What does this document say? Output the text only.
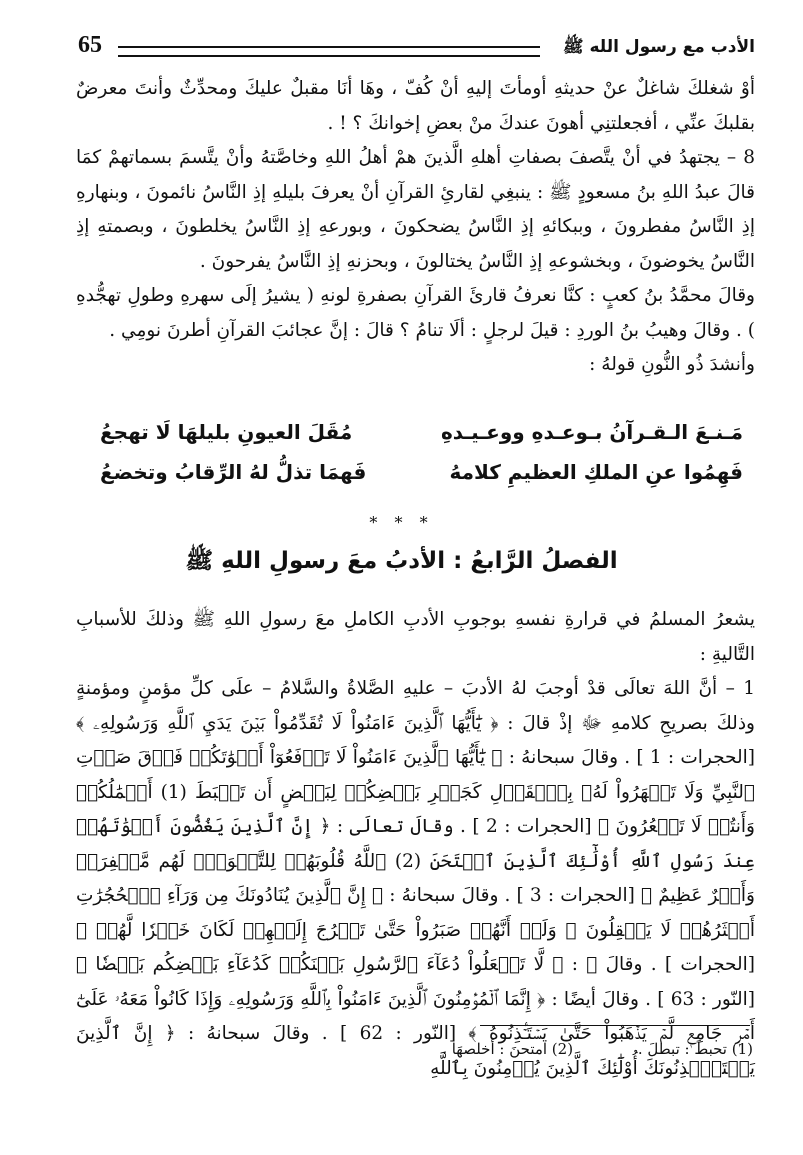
65	الأدب مع رسول الله ﷺ

أوْ شغلكَ شاغلٌ عنْ حديثهِ أومأتَ إليهِ أنْ كُفّ ، وهَا أنَا مقبلٌ عليكَ ومحدِّثٌ وأنتَ معرضٌ بقلبكَ عنِّي ، أفجعلتنِي أهونَ عندكَ منْ بعضِ إخوانكَ ؟ ! .

8 – يجتهدُ في أنْ يتَّصفَ بصفاتِ أهلهِ الَّذينَ همْ أهلُ اللهِ وخاصَّتهُ وأنْ يتَّسمَ بسماتهمْ كمَا قالَ عبدُ اللهِ بنُ مسعودٍ ﷺ : ينبغِي لقارئِ القرآنِ أنْ يعرفَ بليلهِ إذِ النَّاسُ نائمونَ ، وبنهارهِ إذِ النَّاسُ مفطرونَ ، وببكائهِ إذِ النَّاسُ يضحكونَ ، وبورعهِ إذِ النَّاسُ يخلطونَ ، وبصمتهِ إذِ النَّاسُ يخوضونَ ، وبخشوعهِ إذِ النَّاسُ يختالونَ ، وبحزنهِ إذِ النَّاسُ يفرحونَ .

وقالَ محمَّدُ بنُ كعبٍ : كنَّا نعرفُ قارئَ القرآنِ بصفرةِ لونهِ ( يشيرُ إلَى سهرهِ وطولِ تهجُّدهِ ) . وقالَ وهيبُ بنُ الوردِ : قيلَ لرجلٍ : ألَا تنامُ ؟ قالَ : إنَّ عجائبَ القرآنِ أطرنَ نومِي .

وأنشدَ ذُو النُّونِ قولهُ :

مَـنـعَ الـقـرآنُ بـوعـدهِ ووعـيـدهِ
مُقَلَ العيونِ بليلهَا لَا تهجعُ
فَهِمُوا عنِ الملكِ العظيمِ كلامهُ
فَهمَا تذلُّ لهُ الرِّقابُ وتخضعُ
* * *
الفصلُ الرَّابعُ : الأدبُ معَ رسولِ اللهِ ﷺ

يشعرُ المسلمُ في قرارةِ نفسهِ بوجوبِ الأدبِ الكاملِ معَ رسولِ اللهِ ﷺ وذلكَ للأسبابِ التَّاليةِ :

1 – أنَّ اللهَ تعالَى قدْ أوجبَ لهُ الأدبَ – عليهِ الصَّلاةُ والسَّلامُ – علَى كلِّ مؤمنٍ ومؤمنةٍ وذلكَ بصريحِ كلامهِ ﷻ إذْ قالَ : ﴿ يَٰٓأَيُّهَا ٱلَّذِينَ ءَامَنُواْ لَا تُقَدِّمُواْ بَيۡنَ يَدَيِ ٱللَّهِ وَرَسُولِهِۦ ﴾ [الحجرات : 1 ] . وقالَ سبحانهُ : ﴿ يَٰٓأَيُّهَا ٱلَّذِينَ ءَامَنُواْ لَا تَرۡفَعُوٓاْ أَصۡوَٰتَكُمۡ فَوۡقَ صَوۡتِ ٱلنَّبِيِّ وَلَا تَجۡهَرُواْ لَهُۥ بِٱلۡقَوۡلِ كَجَهۡرِ بَعۡضِكُمۡ لِبَعۡضٍ أَن تَحۡبَطَ (1) أَعۡمَٰلُكُمۡ وَأَنتُمۡ لَا تَشۡعُرُونَ ﴾ [الحجرات : 2 ] . وقالَ تعالَى : ﴿ إِنَّ ٱلَّذِينَ يَغُضُّونَ أَصۡوَٰتَهُمۡ عِندَ رَسُولِ ٱللَّهِ أُوْلَٰٓئِكَ ٱلَّذِينَ ٱمۡتَحَنَ (2) ٱللَّهُ قُلُوبَهُمۡ لِلتَّقۡوَىٰۚ لَهُم مَّغۡفِرَةٞ وَأَجۡرٌ عَظِيمٌ ﴾ [الحجرات : 3 ] . وقالَ سبحانهُ : ﴿ إِنَّ ٱلَّذِينَ يُنَادُونَكَ مِن وَرَآءِ ٱلۡحُجُرَٰتِ أَكۡثَرُهُمۡ لَا يَعۡقِلُونَ ۞ وَلَوۡ أَنَّهُمۡ صَبَرُواْ حَتَّىٰ تَخۡرُجَ إِلَيۡهِمۡ لَكَانَ خَيۡرٗا لَّهُمۡ ﴾ [الحجرات ] . وقالَ ﷻ : ﴿ لَّا تَجۡعَلُواْ دُعَآءَ ٱلرَّسُولِ بَيۡنَكُمۡ كَدُعَآءِ بَعۡضِكُم بَعۡضٗا ﴾ [النّور : 63 ] . وقالَ أيضًا : ﴿ إِنَّمَا ٱلۡمُؤۡمِنُونَ ٱلَّذِينَ ءَامَنُواْ بِٱللَّهِ وَرَسُولِهِۦ وَإِذَا كَانُواْ مَعَهُۥ عَلَىٰٓ أَمۡرٖ جَامِعٖ لَّمۡ يَذۡهَبُواْ حَتَّىٰ يَسۡتَـٔۡذِنُوهُ ﴾ [النّور : 62 ] . وقالَ سبحانهُ : ﴿ إِنَّ ٱلَّذِينَ يَسۡتَـٔۡذِنُونَكَ أُوْلَٰٓئِكَ ٱلَّذِينَ يُؤۡمِنُونَ بِٱللَّهِ

(1) تحبطَ : تبطلَ . (2) امتحنَ : أخلصهَا .
